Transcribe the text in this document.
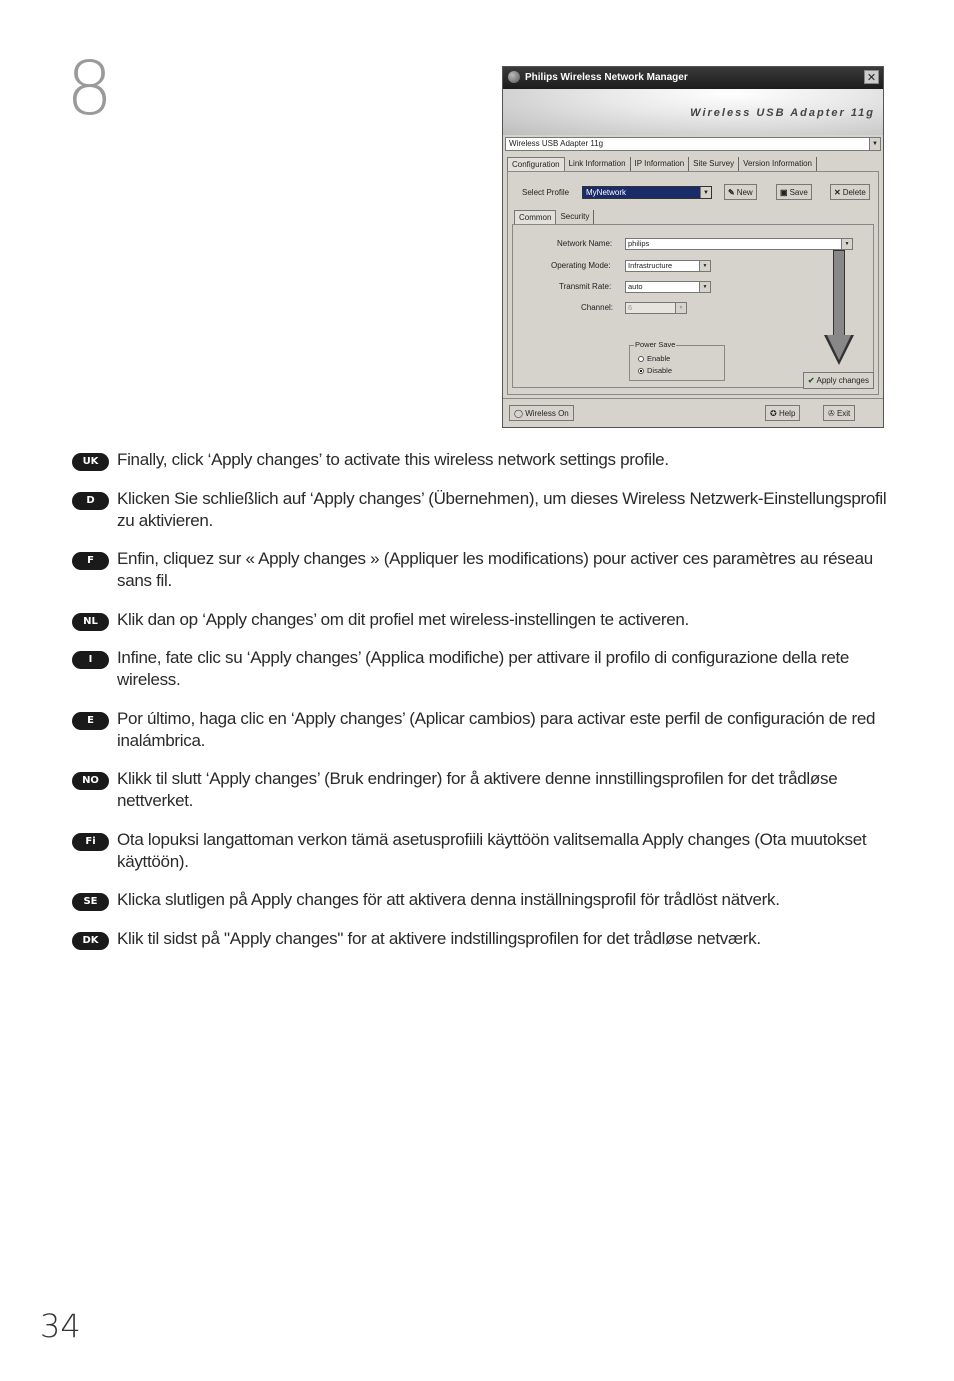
8	Philips Wireless Network Manager	✕
Wireless USB Adapter 11g
Wireless USB Adapter 11g	▼
Configuration	Link Information	IP Information	Site Survey	Version Information
Select Profile	MyNetwork	▼	✎ New	▣ Save	✕ Delete
Common	Security
Network Name:	philips	▼
Operating Mode:	Infrastructure	▼
Transmit Rate:	auto	▼
Channel:	6	▼
Power Save
Enable
Disable
✔ Apply changes
◯ Wireless On	✪ Help	✇ Exit
UK	Finally, click ‘Apply changes’ to activate this wireless network settings profile.
D	Klicken Sie schließlich auf ‘Apply changes’ (Übernehmen), um dieses Wireless Netzwerk-Einstellungsprofil zu aktivieren.
F	Enfin, cliquez sur « Apply changes » (Appliquer les modifications) pour activer ces paramètres au réseau sans fil.
NL	Klik dan op ‘Apply changes’ om dit profiel met wireless-instellingen te activeren.
I	Infine, fate clic su ‘Apply changes’ (Applica modifiche) per attivare il profilo di configurazione della rete wireless.
E	Por último, haga clic en ‘Apply changes’ (Aplicar cambios) para activar este perfil de configuración de red inalámbrica.
NO	Klikk til slutt ‘Apply changes’ (Bruk endringer) for å aktivere denne innstillingsprofilen for det trådløse nettverket.
Fi	Ota lopuksi langattoman verkon tämä asetusprofiili käyttöön valitsemalla Apply changes (Ota muutokset käyttöön).
SE	Klicka slutligen på Apply changes för att aktivera denna inställningsprofil för trådlöst nätverk.
DK	Klik til sidst på "Apply changes" for at aktivere indstillingsprofilen for det trådløse netværk.
34
